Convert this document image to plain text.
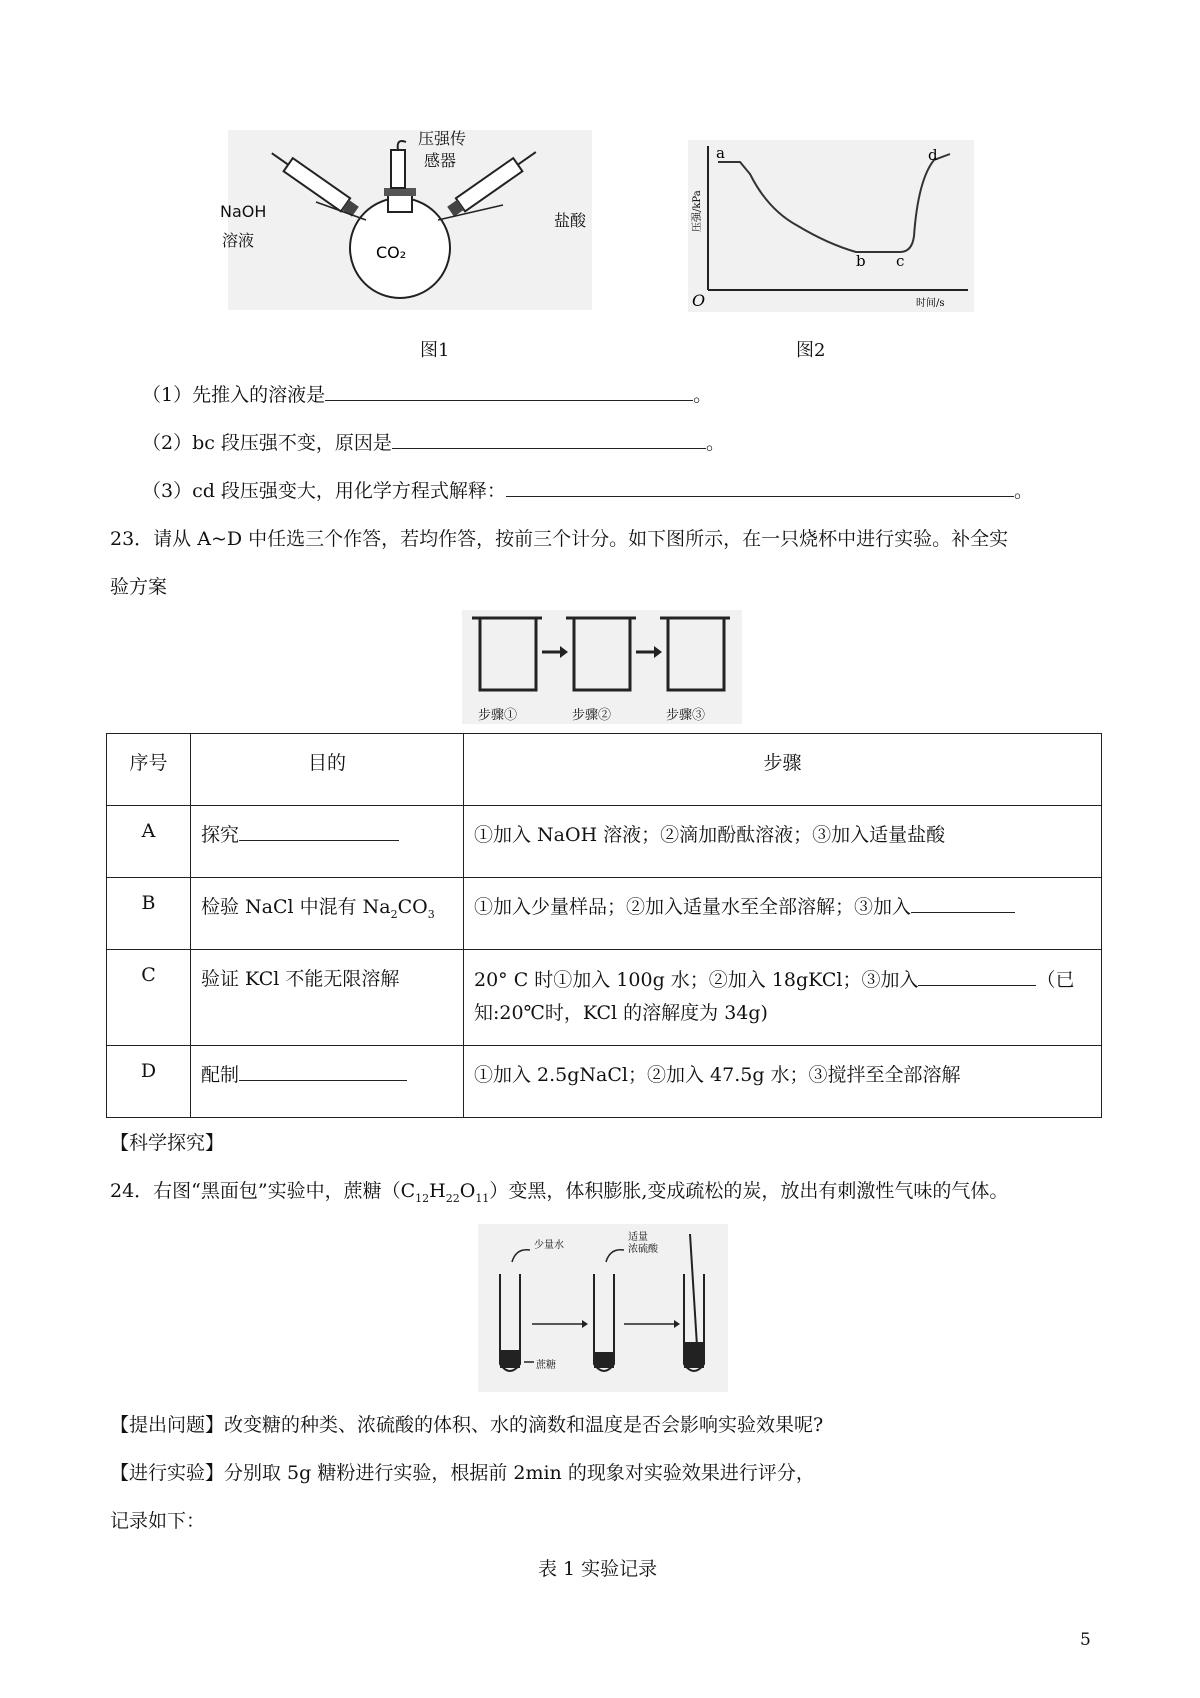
CO₂
压强传
感器
NaOH
溶液
盐酸
图1
a
b c
d
O	时间/s
压强/kPa
图2
（1）先推入的溶液是	。
（2）bc 段压强不变，原因是	。
（3）cd 段压强变大，用化学方程式解释：	。
23．请从 A~D 中任选三个作答，若均作答，按前三个计分。如下图所示，在一只烧杯中进行实验。补全实
验方案
步骤①	步骤②	步骤③
序号	目的	步骤
A	探究	①加入 NaOH 溶液；②滴加酚酞溶液；③加入适量盐酸
B	检验 NaCl 中混有 $Na_2CO_3$	①加入少量样品；②加入适量水至全部溶解；③加入
C	验证 KCl 不能无限溶解	20° C 时①加入 100g 水；②加入 18gKCl；③加入 （已
知:20℃时，KCl 的溶解度为 34g)
D	配制	①加入 2.5gNaCl；②加入 47.5g 水；③搅拌至全部溶解
【科学探究】
24．右图“黑面包”实验中，蔗糖$(C_{12}H_{22}O_{11})$变黑，体积膨胀,变成疏松的炭，放出有刺激性气味的气体。
少量水
适量
浓硫酸
蔗糖
【提出问题】改变糖的种类、浓硫酸的体积、水的滴数和温度是否会影响实验效果呢?
【进行实验】分别取 5g 糖粉进行实验，根据前 2min 的现象对实验效果进行评分，
记录如下：
表 1 实验记录
5
